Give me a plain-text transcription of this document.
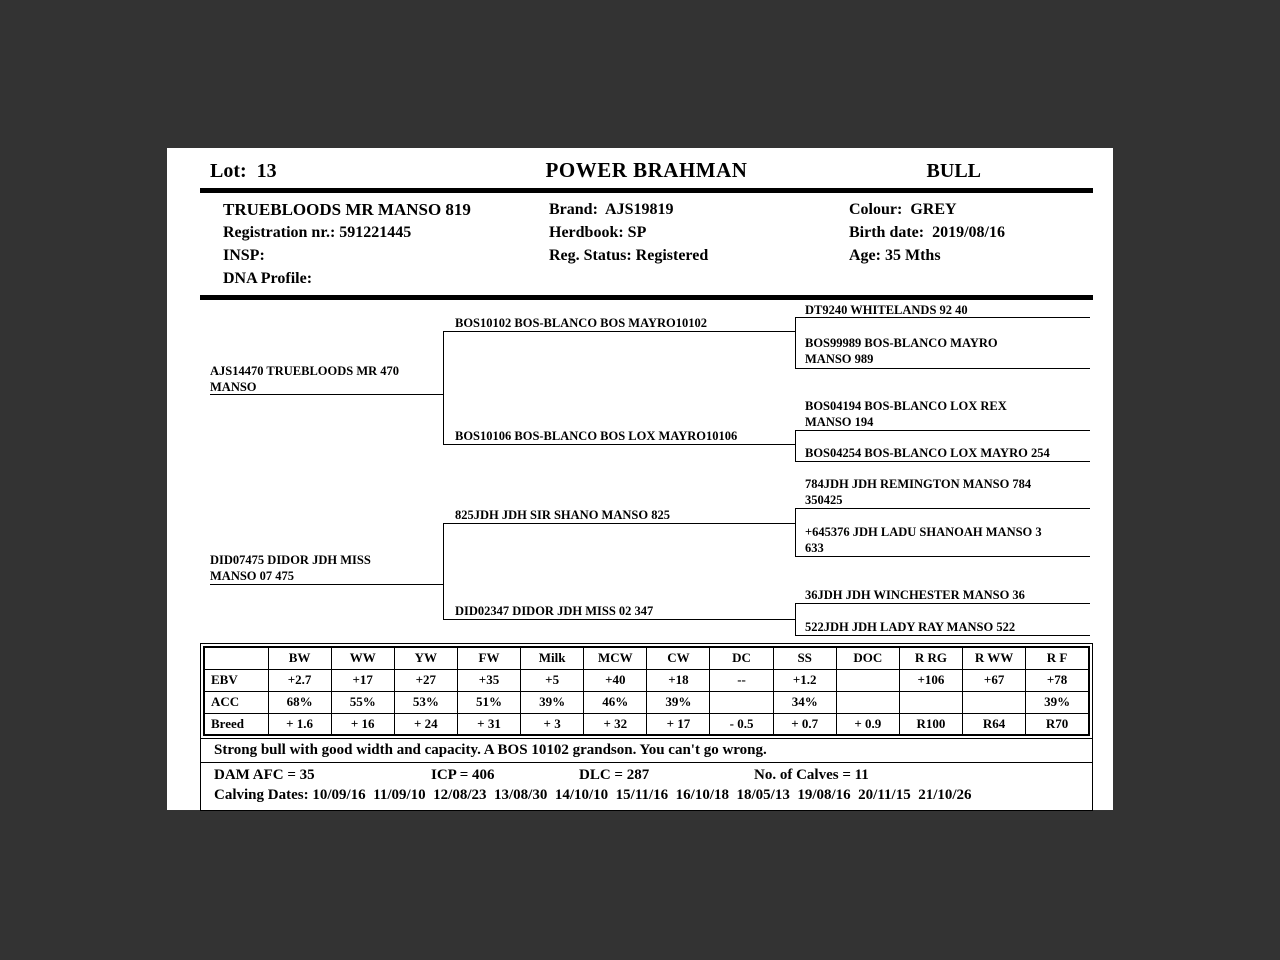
Lot:  13	POWER BRAHMAN	BULL
TRUEBLOODS MR MANSO 819
Registration nr.: 591221445
INSP:
DNA Profile:
Brand:  AJS19819
Herdbook: SP
Reg. Status: Registered
Colour:  GREY
Birth date:  2019/08/16
Age: 35 Mths
AJS14470 TRUEBLOODS MR 470 MANSO
DID07475 DIDOR JDH MISS MANSO 07 475
BOS10102 BOS-BLANCO BOS MAYRO10102
BOS10106 BOS-BLANCO BOS LOX MAYRO10106
825JDH JDH SIR SHANO MANSO 825
DID02347 DIDOR JDH MISS 02 347
DT9240 WHITELANDS 92 40
BOS99989 BOS-BLANCO MAYRO MANSO 989
BOS04194 BOS-BLANCO LOX REX MANSO 194
BOS04254 BOS-BLANCO LOX MAYRO 254
784JDH JDH REMINGTON MANSO 784 350425
+645376 JDH LADU SHANOAH MANSO 3 633
36JDH JDH WINCHESTER MANSO 36
522JDH JDH LADY RAY MANSO 522
	BW	WW	YW	FW	Milk	MCW	CW	DC	SS	DOC	R RG	R WW	R F
EBV	+2.7	+17	+27	+35	+5	+40	+18	--	+1.2		+106	+67	+78
ACC	68%	55%	53%	51%	39%	46%	39%		34%				39%
Breed	+ 1.6	+ 16	+ 24	+ 31	+ 3	+ 32	+ 17	- 0.5	+ 0.7	+ 0.9	R100	R64	R70
Strong bull with good width and capacity. A BOS 10102 grandson. You can't go wrong.
DAM AFC = 35	ICP = 406	DLC = 287	No. of Calves = 11
Calving Dates: 10/09/16  11/09/10  12/08/23  13/08/30  14/10/10  15/11/16  16/10/18  18/05/13  19/08/16  20/11/15  21/10/26
